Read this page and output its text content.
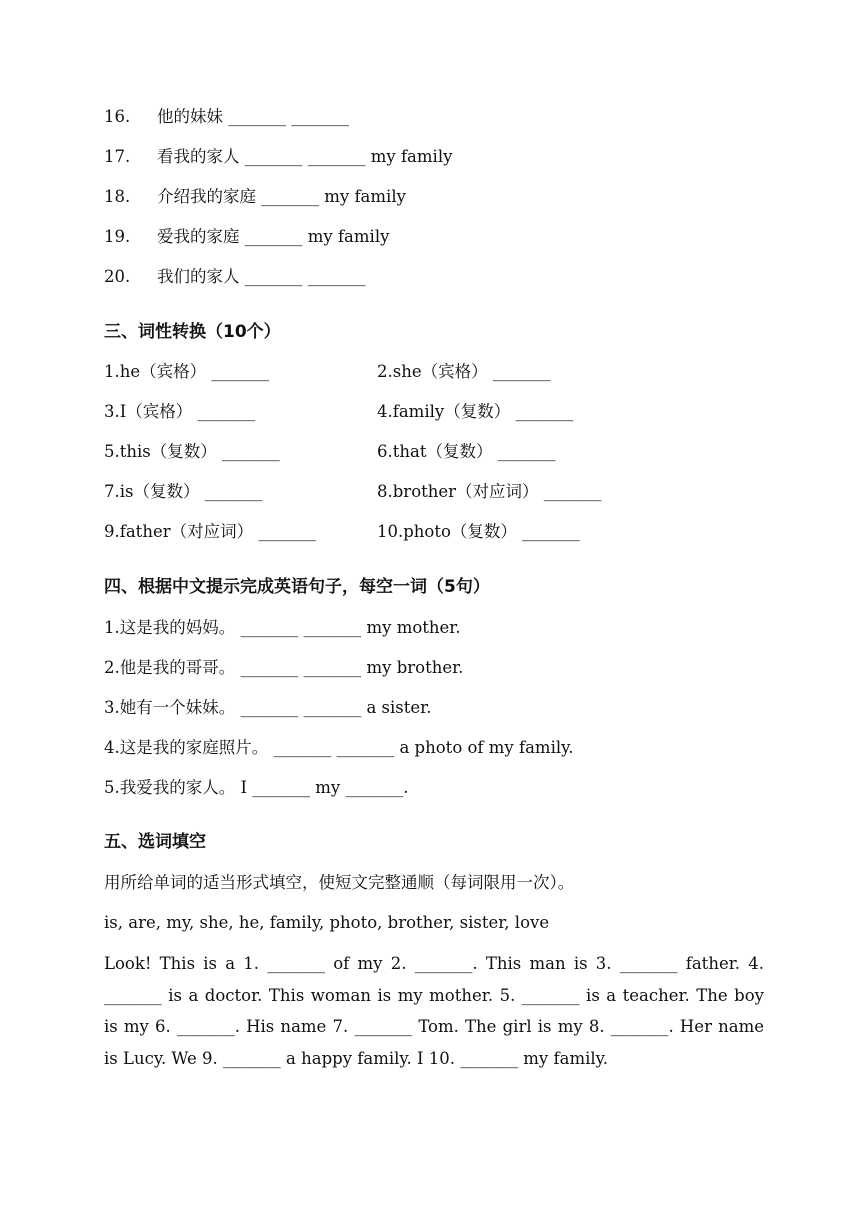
16. 他的妹妹 _______ _______
17. 看我的家人 _______ _______ my family
18. 介绍我的家庭 _______ my family
19. 爱我的家庭 _______ my family
20. 我们的家人 _______ _______
三、词性转换（10个）
1.he（宾格） _______	2.she（宾格） _______
3.I（宾格） _______	4.family（复数） _______
5.this（复数） _______	6.that（复数） _______
7.is（复数） _______	8.brother（对应词） _______
9.father（对应词） _______	10.photo（复数） _______
四、根据中文提示完成英语句子，每空一词（5句）
1.这是我的妈妈。 _______ _______ my mother.
2.他是我的哥哥。 _______ _______ my brother.
3.她有一个妹妹。 _______ _______ a sister.
4.这是我的家庭照片。 _______ _______ a photo of my family.
5.我爱我的家人。 I _______ my _______.
五、选词填空
用所给单词的适当形式填空，使短文完整通顺（每词限用一次）。
is, are, my, she, he, family, photo, brother, sister, love
Look! This is a 1. _______ of my 2. _______. This man is 3. _______ father. 4. _______ is a doctor. This woman is my mother. 5. _______ is a teacher. The boy is my 6. _______. His name 7. _______ Tom. The girl is my 8. _______. Her name is Lucy. We 9. _______ a happy family. I 10. _______ my family.
